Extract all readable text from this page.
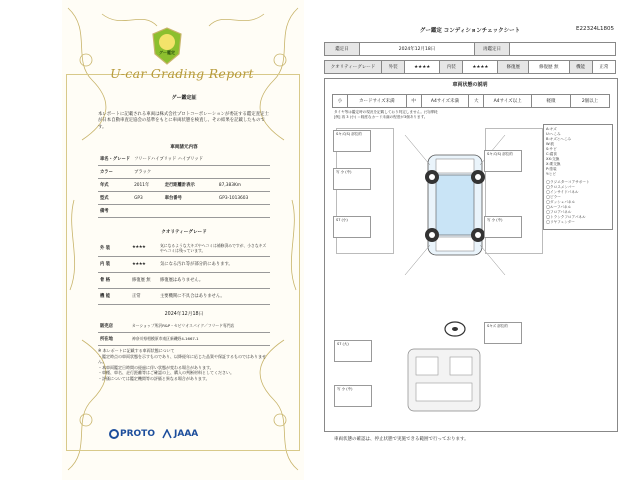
グー鑑定
U-car Grading Report
グー鑑定証
本レポートに記載される車両は株式会社プロトコーポレーションが委託する鑑定査定士が日本自動車査定協会の基準をもとに車両状態を検査し、その結果を記載したものです。
車両諸元内容
車名・グレード	フリードハイブリッド ハイブリッド		
カラー	ブラック		
年式	2011年	走行距離計表示	87,383Km
型式	GP3	車台番号	GP3-1013603
備考			
クオリティーグレード
外 装	★★★★	気になるような大キズやヘコミは補修済みですが、小さなキズやヘコミは残っています。
内 装	★★★★	気になる汚れ等が部分的にあります。
骨 格	修復歴 無	修復歴はありません。
機 能	正常	主要機関に不具合はありません。
2024年12月18日
販売店	カーショップ所沢R&P・セビリオスパイク／フリード専門店
所在地	神奈川県相模原市南区新磯野4-1667-1
※ 本レポートに記載する車両状態について
・鑑定時点の車両状態を示すものであり、以降経年に応じた品質や保証するものではありません。
・本車両鑑定日時間の経過に伴い状態が変わる場合があります。
・車種、車名、走行距離等はご確認の上、購入の判断材料としてください。
・評価については鑑定機関等の評価と異なる場合があります。
PROTO JAAA
グー鑑定 コンディションチェックシート	E22324L1805
鑑定日	2024年12月18日	再鑑定日	
クオリティーグレード	外装	★★★★	内装	★★★★	修復歴	修復歴 無	機能	正常
車両状態の説明
小	カードサイズ未満	中	A4サイズ未満	大	A4サイズ以上	軽微	2個以上
タイヤ等は鑑定時の現況を記載しており判定しません。(引)摩耗
[例] 再 3 (小) ＝軽度なカード未満の程度が3個あります。
A:キズ
U:へこみ
B:キズとへこみ
W:波
S:サビ
C:腐食
XX:交換
X:要交換
P:塗装
Y:ヒビ
◯ラジエターコアサポート
◯クロスメンバー
◯インサイドパネル
◯ピラー
◯ダッシュパネル
◯ルーフパネル
◯フロアパネル
◯トランクフロアパネル
◯リヤフェンダー
Sキズ(S) 部位的
写 小 (中)
S7 (小)
Sキズ(S) 部位的
写 小 (中)
S7 (大)
写 小 (中)
Sキズ 部位的
車両状態の確認は、停止状態で実施できる範囲で行っております。
